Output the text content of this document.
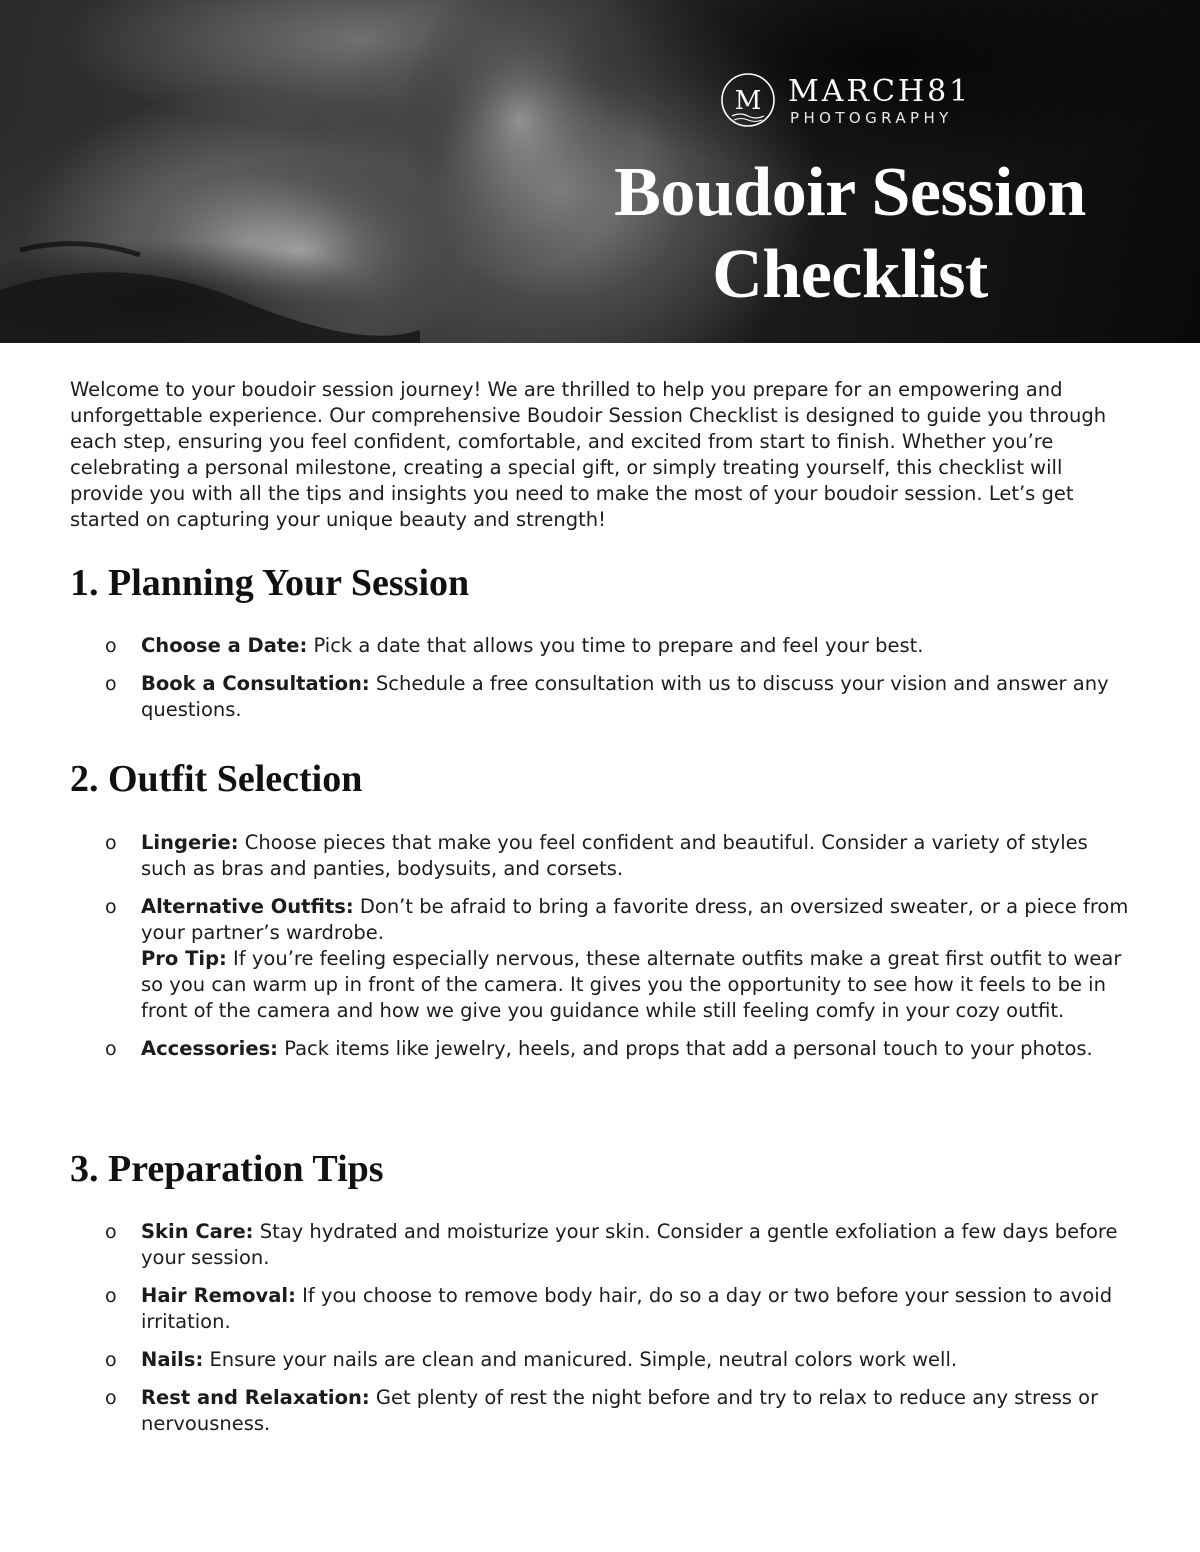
M MARCH81
PHOTOGRAPHY
Boudoir Session
Checklist

Welcome to your boudoir session journey! We are thrilled to help you prepare for an empowering and unforgettable experience. Our comprehensive Boudoir Session Checklist is designed to guide you through each step, ensuring you feel confident, comfortable, and excited from start to finish. Whether you’re celebrating a personal milestone, creating a special gift, or simply treating yourself, this checklist will provide you with all the tips and insights you need to make the most of your boudoir session. Let’s get started on capturing your unique beauty and strength!

1. Planning Your Session
o	Choose a Date: Pick a date that allows you time to prepare and feel your best.
o	Book a Consultation: Schedule a free consultation with us to discuss your vision and answer any questions.
2. Outfit Selection
o	Lingerie: Choose pieces that make you feel confident and beautiful. Consider a variety of styles such as bras and panties, bodysuits, and corsets.
o	Alternative Outfits: Don’t be afraid to bring a favorite dress, an oversized sweater, or a piece from your partner’s wardrobe.
Pro Tip: If you’re feeling especially nervous, these alternate outfits make a great first outfit to wear so you can warm up in front of the camera. It gives you the opportunity to see how it feels to be in front of the camera and how we give you guidance while still feeling comfy in your cozy outfit.
o	Accessories: Pack items like jewelry, heels, and props that add a personal touch to your photos.
3. Preparation Tips
o	Skin Care: Stay hydrated and moisturize your skin. Consider a gentle exfoliation a few days before your session.
o	Hair Removal: If you choose to remove body hair, do so a day or two before your session to avoid irritation.
o	Nails: Ensure your nails are clean and manicured. Simple, neutral colors work well.
o	Rest and Relaxation: Get plenty of rest the night before and try to relax to reduce any stress or nervousness.
